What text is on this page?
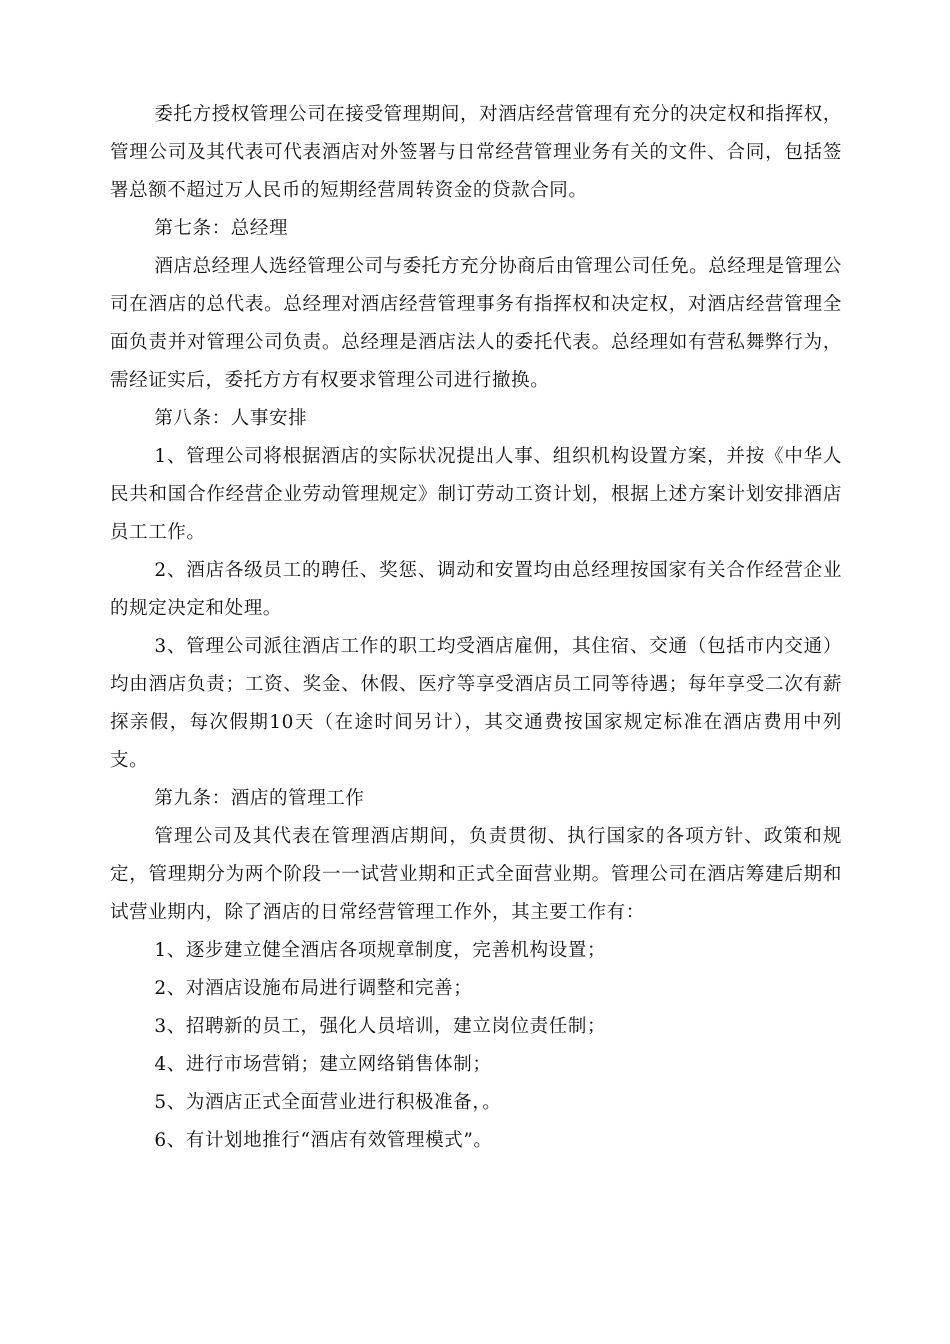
委托方授权管理公司在接受管理期间，对酒店经营管理有充分的决定权和指挥权，管理公司及其代表可代表酒店对外签署与日常经营管理业务有关的文件、合同，包括签署总额不超过万人民币的短期经营周转资金的贷款合同。

第七条：总经理

酒店总经理人选经管理公司与委托方充分协商后由管理公司任免。总经理是管理公司在酒店的总代表。总经理对酒店经营管理事务有指挥权和决定权，对酒店经营管理全面负责并对管理公司负责。总经理是酒店法人的委托代表。总经理如有营私舞弊行为，需经证实后，委托方方有权要求管理公司进行撤换。

第八条：人事安排

1、管理公司将根据酒店的实际状况提出人事、组织机构设置方案，并按《中华人民共和国合作经营企业劳动管理规定》制订劳动工资计划，根据上述方案计划安排酒店员工工作。

2、酒店各级员工的聘任、奖惩、调动和安置均由总经理按国家有关合作经营企业的规定决定和处理。

3、管理公司派往酒店工作的职工均受酒店雇佣，其住宿、交通（包括市内交通）均由酒店负责；工资、奖金、休假、医疗等享受酒店员工同等待遇；每年享受二次有薪探亲假，每次假期10天（在途时间另计），其交通费按国家规定标准在酒店费用中列支。

第九条：酒店的管理工作

管理公司及其代表在管理酒店期间，负责贯彻、执行国家的各项方针、政策和规定，管理期分为两个阶段一一试营业期和正式全面营业期。管理公司在酒店筹建后期和试营业期内，除了酒店的日常经营管理工作外，其主要工作有：

1、逐步建立健全酒店各项规章制度，完善机构设置；

2、对酒店设施布局进行调整和完善；

3、招聘新的员工，强化人员培训，建立岗位责任制；

4、进行市场营销；建立网络销售体制；

5、为酒店正式全面营业进行积极准备，。

6、有计划地推行“酒店有效管理模式”。
